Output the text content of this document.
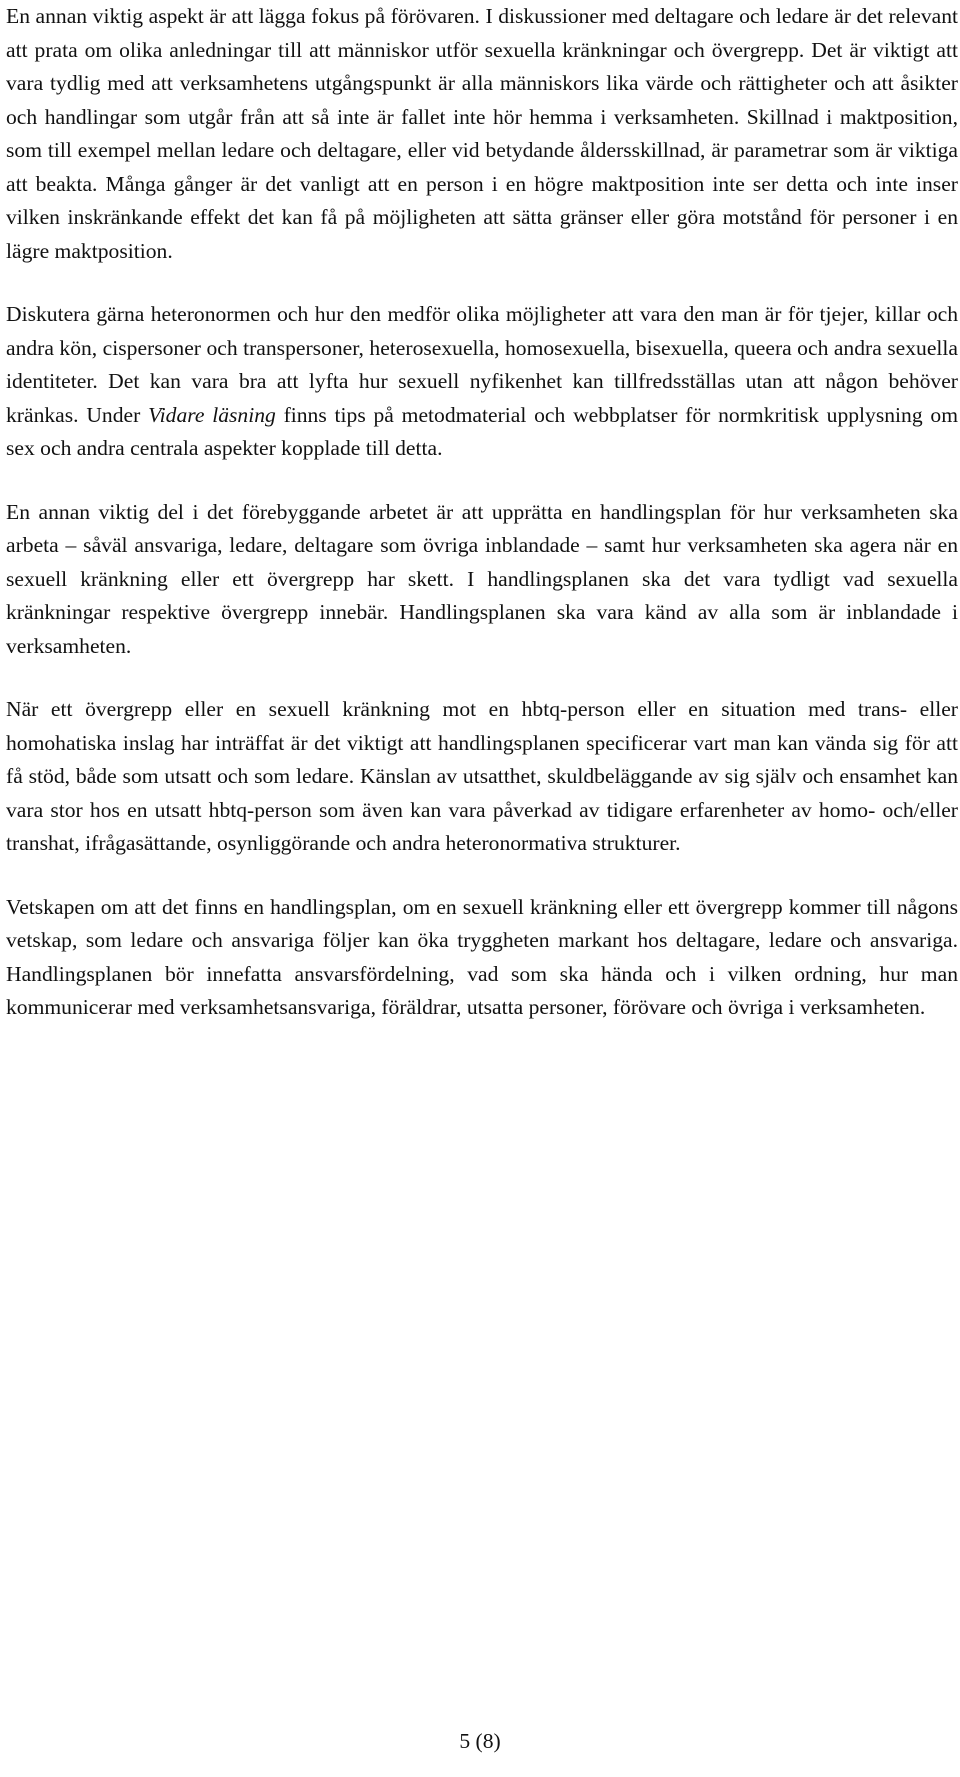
En annan viktig aspekt är att lägga fokus på förövaren. I diskussioner med deltagare och ledare är det relevant att prata om olika anledningar till att människor utför sexuella kränkningar och övergrepp. Det är viktigt att vara tydlig med att verksamhetens utgångspunkt är alla människors lika värde och rättigheter och att åsikter och handlingar som utgår från att så inte är fallet inte hör hemma i verksamheten. Skillnad i maktposition, som till exempel mellan ledare och deltagare, eller vid betydande åldersskillnad, är parametrar som är viktiga att beakta. Många gånger är det vanligt att en person i en högre maktposition inte ser detta och inte inser vilken inskränkande effekt det kan få på möjligheten att sätta gränser eller göra motstånd för personer i en lägre maktposition.

Diskutera gärna heteronormen och hur den medför olika möjligheter att vara den man är för tjejer, killar och andra kön, cispersoner och transpersoner, heterosexuella, homosexuella, bisexuella, queera och andra sexuella identiteter. Det kan vara bra att lyfta hur sexuell nyfikenhet kan tillfredsställas utan att någon behöver kränkas. Under Vidare läsning finns tips på metodmaterial och webbplatser för normkritisk upplysning om sex och andra centrala aspekter kopplade till detta.

En annan viktig del i det förebyggande arbetet är att upprätta en handlingsplan för hur verksamheten ska arbeta – såväl ansvariga, ledare, deltagare som övriga inblandade – samt hur verksamheten ska agera när en sexuell kränkning eller ett övergrepp har skett. I handlingsplanen ska det vara tydligt vad sexuella kränkningar respektive övergrepp innebär. Handlingsplanen ska vara känd av alla som är inblandade i verksamheten.

När ett övergrepp eller en sexuell kränkning mot en hbtq-person eller en situation med trans- eller homohatiska inslag har inträffat är det viktigt att handlingsplanen specificerar vart man kan vända sig för att få stöd, både som utsatt och som ledare. Känslan av utsatthet, skuldbeläggande av sig själv och ensamhet kan vara stor hos en utsatt hbtq-person som även kan vara påverkad av tidigare erfarenheter av homo- och/eller transhat, ifrågasättande, osynliggörande och andra heteronormativa strukturer.

Vetskapen om att det finns en handlingsplan, om en sexuell kränkning eller ett övergrepp kommer till någons vetskap, som ledare och ansvariga följer kan öka tryggheten markant hos deltagare, ledare och ansvariga. Handlingsplanen bör innefatta ansvarsfördelning, vad som ska hända och i vilken ordning, hur man kommunicerar med verksamhetsansvariga, föräldrar, utsatta personer, förövare och övriga i verksamheten.

5 (8)
